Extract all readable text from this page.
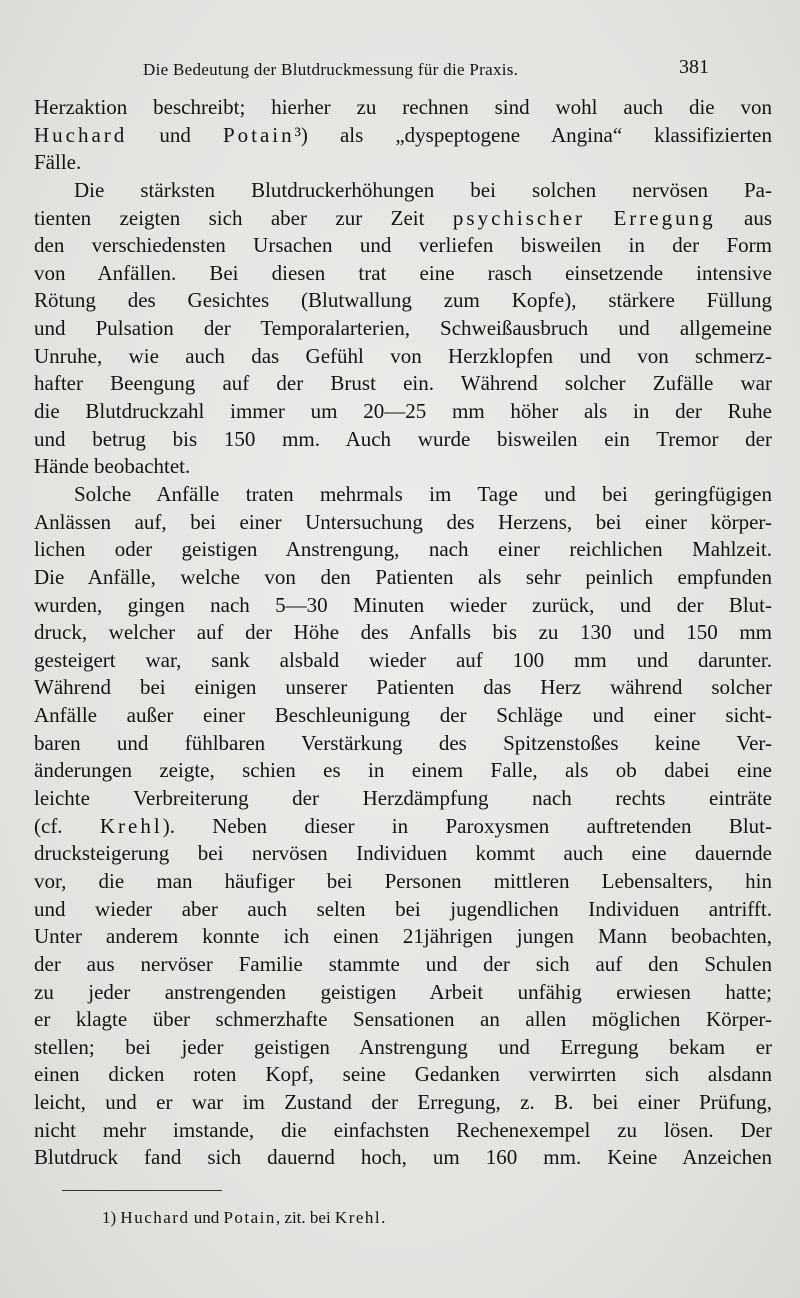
Die Bedeutung der Blutdruckmessung für die Praxis.	381
Herzaktion beschreibt; hierher zu rechnen sind wohl auch die von
Huchard und Potain³) als „dyspeptogene Angina“ klassifizierten
Fälle.
Die stärksten Blutdruckerhöhungen bei solchen nervösen Pa-
tienten zeigten sich aber zur Zeit psychischer Erregung aus
den verschiedensten Ursachen und verliefen bisweilen in der Form
von Anfällen. Bei diesen trat eine rasch einsetzende intensive
Rötung des Gesichtes (Blutwallung zum Kopfe), stärkere Füllung
und Pulsation der Temporalarterien, Schweißausbruch und allgemeine
Unruhe, wie auch das Gefühl von Herzklopfen und von schmerz-
hafter Beengung auf der Brust ein. Während solcher Zufälle war
die Blutdruckzahl immer um 20—25 mm höher als in der Ruhe
und betrug bis 150 mm. Auch wurde bisweilen ein Tremor der
Hände beobachtet.
Solche Anfälle traten mehrmals im Tage und bei geringfügigen
Anlässen auf, bei einer Untersuchung des Herzens, bei einer körper-
lichen oder geistigen Anstrengung, nach einer reichlichen Mahlzeit.
Die Anfälle, welche von den Patienten als sehr peinlich empfunden
wurden, gingen nach 5—30 Minuten wieder zurück, und der Blut-
druck, welcher auf der Höhe des Anfalls bis zu 130 und 150 mm
gesteigert war, sank alsbald wieder auf 100 mm und darunter.
Während bei einigen unserer Patienten das Herz während solcher
Anfälle außer einer Beschleunigung der Schläge und einer sicht-
baren und fühlbaren Verstärkung des Spitzenstoßes keine Ver-
änderungen zeigte, schien es in einem Falle, als ob dabei eine
leichte Verbreiterung der Herzdämpfung nach rechts einträte
(cf. Krehl). Neben dieser in Paroxysmen auftretenden Blut-
drucksteigerung bei nervösen Individuen kommt auch eine dauernde
vor, die man häufiger bei Personen mittleren Lebensalters, hin
und wieder aber auch selten bei jugendlichen Individuen antrifft.
Unter anderem konnte ich einen 21jährigen jungen Mann beobachten,
der aus nervöser Familie stammte und der sich auf den Schulen
zu jeder anstrengenden geistigen Arbeit unfähig erwiesen hatte;
er klagte über schmerzhafte Sensationen an allen möglichen Körper-
stellen; bei jeder geistigen Anstrengung und Erregung bekam er
einen dicken roten Kopf, seine Gedanken verwirrten sich alsdann
leicht, und er war im Zustand der Erregung, z. B. bei einer Prüfung,
nicht mehr imstande, die einfachsten Rechenexempel zu lösen. Der
Blutdruck fand sich dauernd hoch, um 160 mm. Keine Anzeichen
1) Huchard und Potain, zit. bei Krehl.
